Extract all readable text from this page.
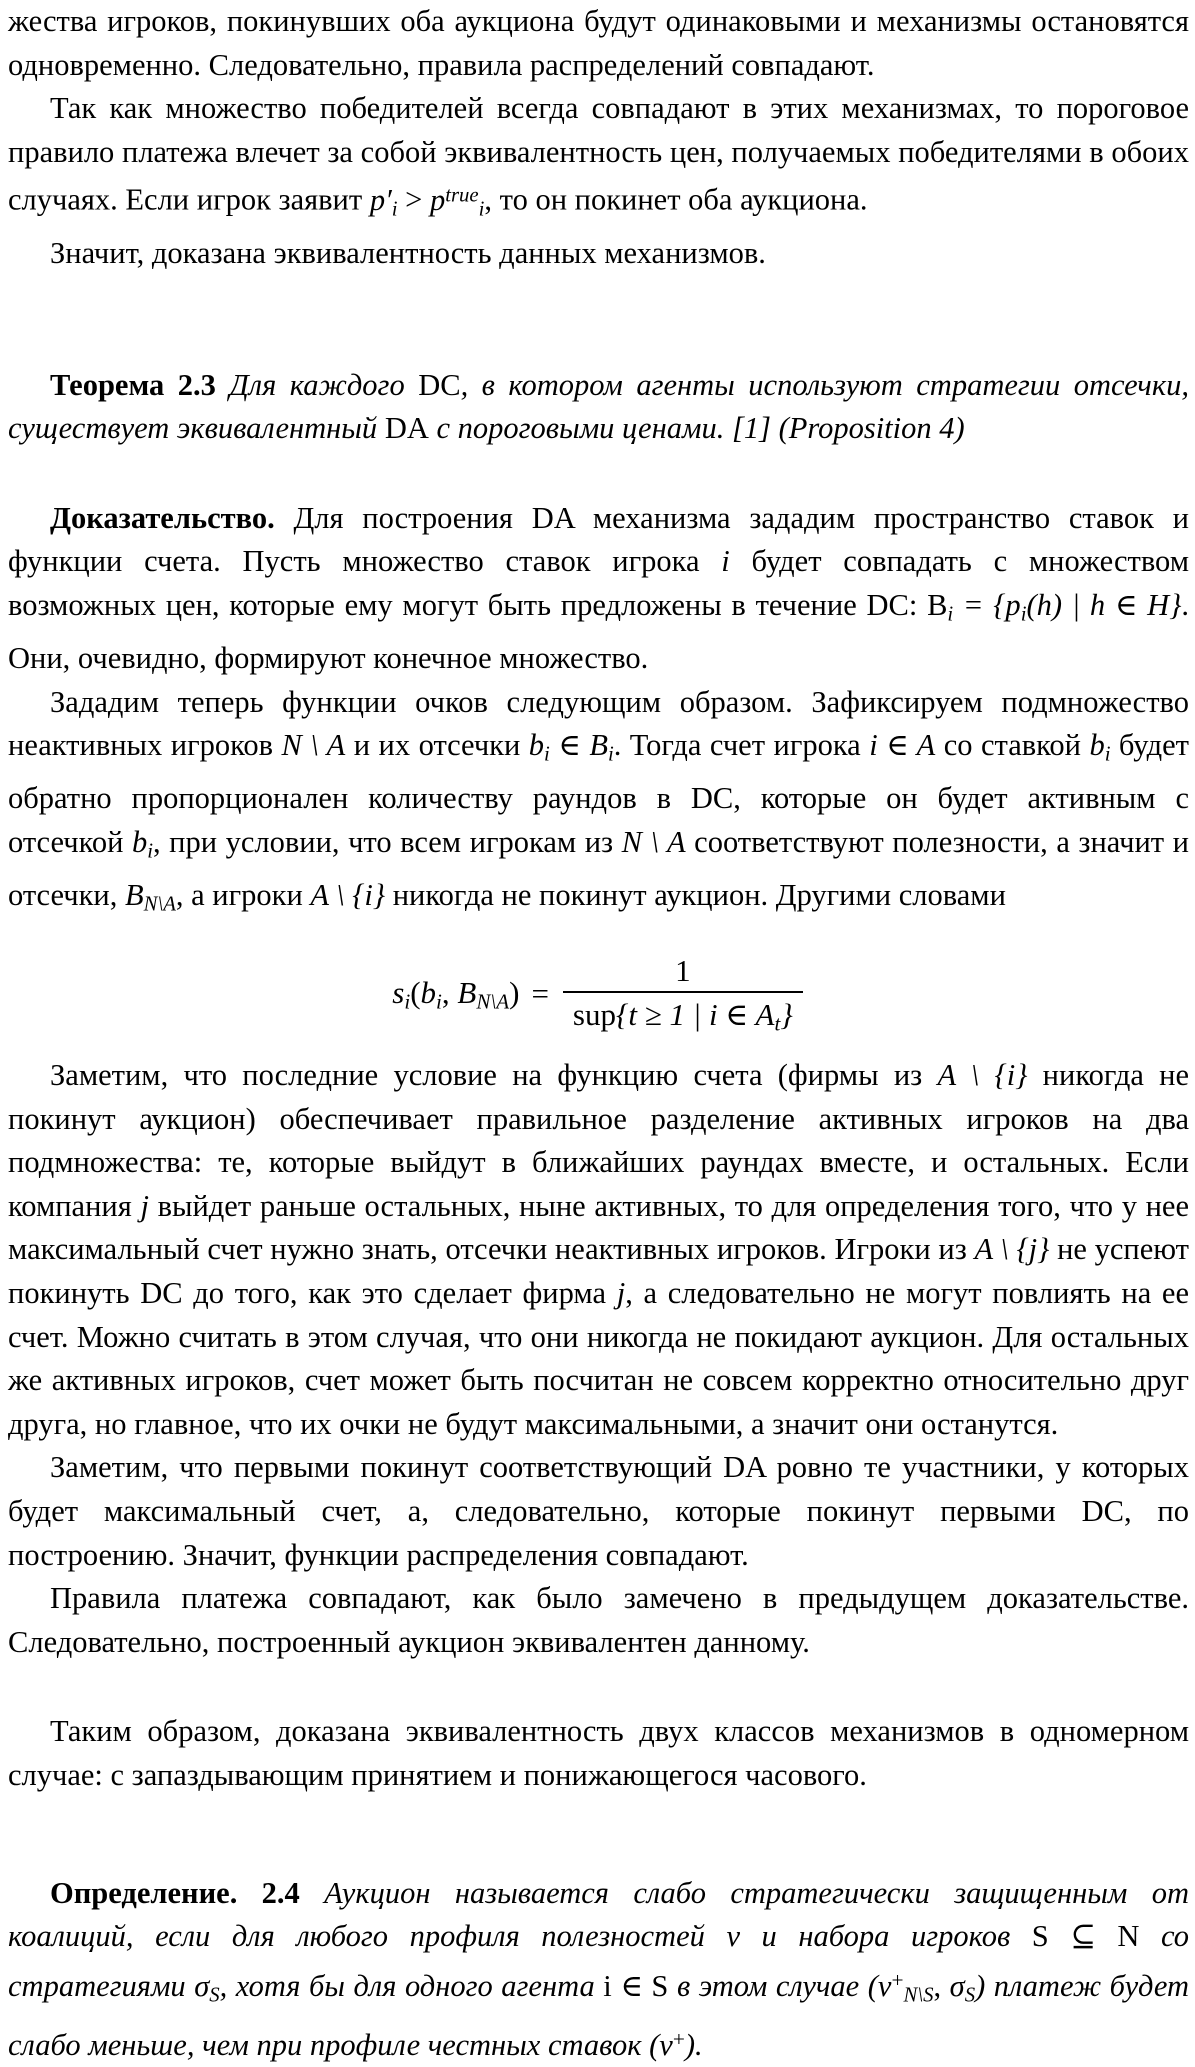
жества игроков, покинувших оба аукциона будут одинаковыми и механизмы остановятся одновременно. Следовательно, правила распределений совпадают.

Так как множество победителей всегда совпадают в этих механизмах, то пороговое правило платежа влечет за собой эквивалентность цен, получаемых победителями в обоих случаях. Если игрок заявит $p'_i > p^{true}_i$, то он покинет оба аукциона.

Значит, доказана эквивалентность данных механизмов.

Теорема 2.3 Для каждого DC, в котором агенты используют стратегии отсечки, существует эквивалентный DA с пороговыми ценами. [1] (Proposition 4)

Доказательство. Для построения DA механизма зададим пространство ставок и функции счета. Пусть множество ставок игрока i будет совпадать с множеством возможных цен, которые ему могут быть предложены в течение DC: $B_i = \{p_i(h)$ | h ∈ H}. Они, очевидно, формируют конечное множество.

Зададим теперь функции очков следующим образом. Зафиксируем подмножество неактивных игроков N \ A и их отсечки $b_i$ ∈ $B_i$. Тогда счет игрока i ∈ A со ставкой $b_i$ будет обратно пропорционален количеству раундов в DC, которые он будет активным с отсечкой $b_i$, при условии, что всем игрокам из N \ A соответствуют полезности, а значит и отсечки, $B_{N\backslash A}$, а игроки A \ {i} никогда не покинут аукцион. Другими словами

$s_i(b_i$, $B_{N\backslash A}) = \frac{1}{sup\{t \ge 1 | i \in A_t\}}$

Заметим, что последние условие на функцию счета (фирмы из A \ {i} никогда не покинут аукцион) обеспечивает правильное разделение активных игроков на два подмножества: те, которые выйдут в ближайших раундах вместе, и остальных. Если компания j выйдет раньше остальных, ныне активных, то для определения того, что у нее максимальный счет нужно знать, отсечки неактивных игроков. Игроки из A \ {j} не успеют покинуть DC до того, как это сделает фирма j, а следовательно не могут повлиять на ее счет. Можно считать в этом случая, что они никогда не покидают аукцион. Для остальных же активных игроков, счет может быть посчитан не совсем корректно относительно друг друга, но главное, что их очки не будут максимальными, а значит они останутся.

Заметим, что первыми покинут соответствующий DA ровно те участники, у которых будет максимальный счет, а, следовательно, которые покинут первыми DC, по построению. Значит, функции распределения совпадают.

Правила платежа совпадают, как было замечено в предыдущем доказательстве. Следовательно, построенный аукцион эквивалентен данному.

Таким образом, доказана эквивалентность двух классов механизмов в одномерном случае: с запаздывающим принятием и понижающегося часового.

Определение. 2.4 Аукцион называется слабо стратегически защищенным от коалиций, если для любого профиля полезностей v и набора игроков S ⊆ N со стратегиями $\sigma_S$, хотя бы для одного агента i ∈ S в этом случае ($v^+_{N\backslash S}$, $\sigma_S$) платеж будет слабо меньше, чем при профиле честных ставок (v+).
